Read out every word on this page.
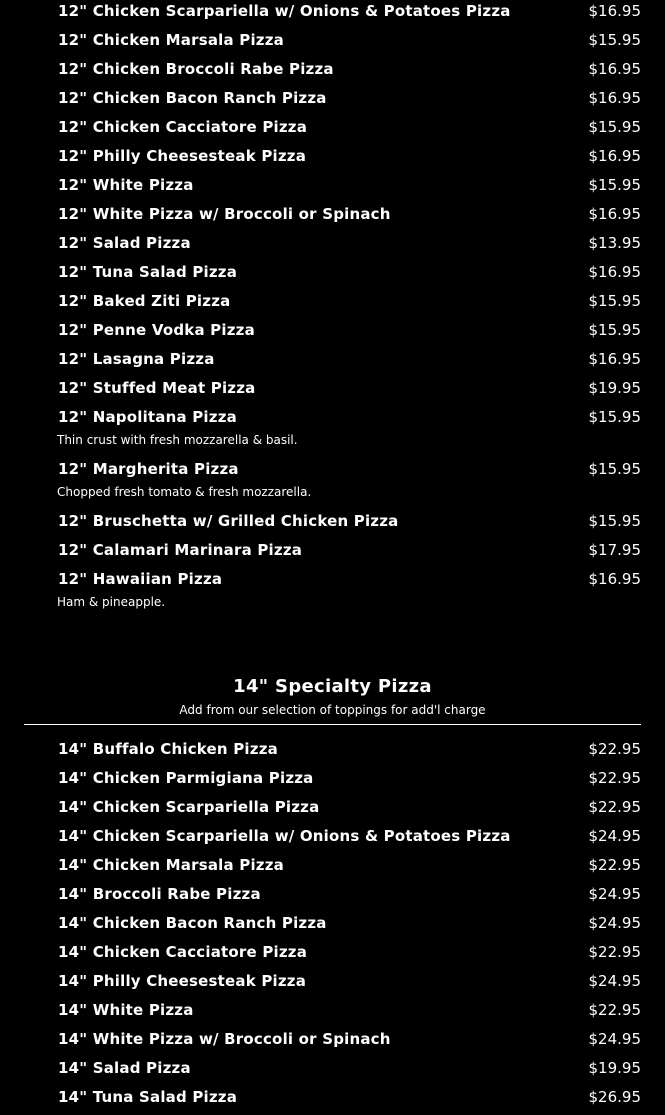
12" Chicken Scarpariella w/ Onions & Potatoes Pizza	$16.95
12" Chicken Marsala Pizza	$15.95
12" Chicken Broccoli Rabe Pizza	$16.95
12" Chicken Bacon Ranch Pizza	$16.95
12" Chicken Cacciatore Pizza	$15.95
12" Philly Cheesesteak Pizza	$16.95
12" White Pizza	$15.95
12" White Pizza w/ Broccoli or Spinach	$16.95
12" Salad Pizza	$13.95
12" Tuna Salad Pizza	$16.95
12" Baked Ziti Pizza	$15.95
12" Penne Vodka Pizza	$15.95
12" Lasagna Pizza	$16.95
12" Stuffed Meat Pizza	$19.95
12" Napolitana Pizza	$15.95
Thin crust with fresh mozzarella & basil.
12" Margherita Pizza	$15.95
Chopped fresh tomato & fresh mozzarella.
12" Bruschetta w/ Grilled Chicken Pizza	$15.95
12" Calamari Marinara Pizza	$17.95
12" Hawaiian Pizza	$16.95
Ham & pineapple.
14" Specialty Pizza
Add from our selection of toppings for add'l charge
14" Buffalo Chicken Pizza	$22.95
14" Chicken Parmigiana Pizza	$22.95
14" Chicken Scarpariella Pizza	$22.95
14" Chicken Scarpariella w/ Onions & Potatoes Pizza	$24.95
14" Chicken Marsala Pizza	$22.95
14" Broccoli Rabe Pizza	$24.95
14" Chicken Bacon Ranch Pizza	$24.95
14" Chicken Cacciatore Pizza	$22.95
14" Philly Cheesesteak Pizza	$24.95
14" White Pizza	$22.95
14" White Pizza w/ Broccoli or Spinach	$24.95
14" Salad Pizza	$19.95
14" Tuna Salad Pizza	$26.95
